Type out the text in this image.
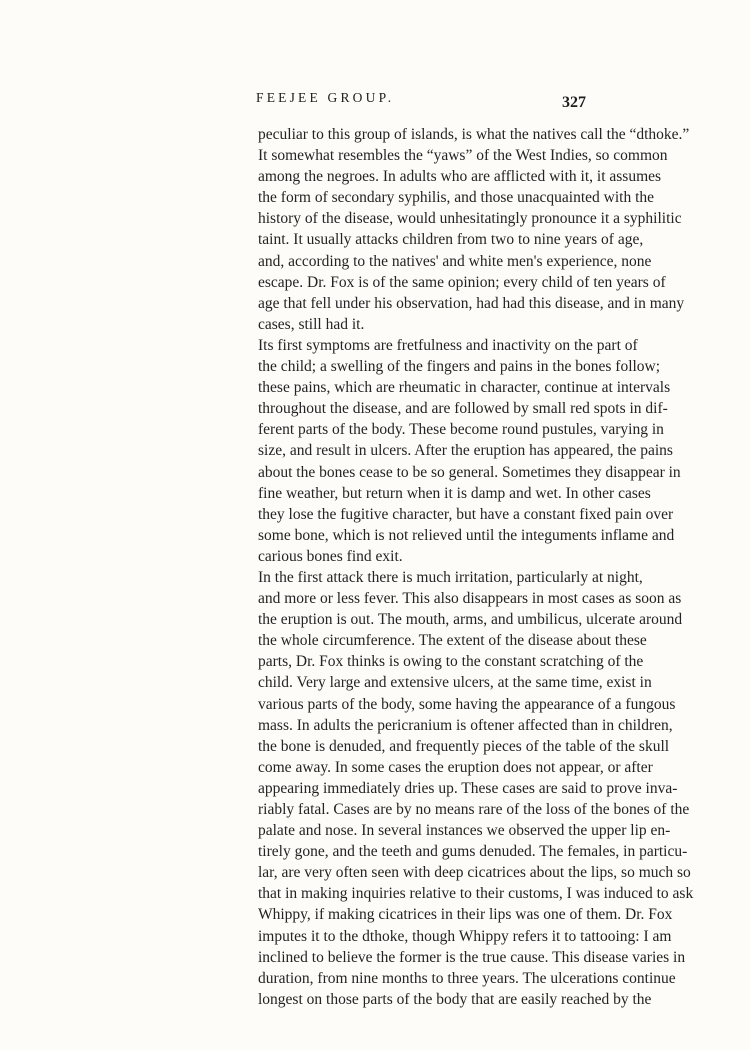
FEEJEE GROUP.	327
peculiar to this group of islands, is what the natives call the “dthoke.”
It somewhat resembles the “yaws” of the West Indies, so common
among the negroes. In adults who are afflicted with it, it assumes
the form of secondary syphilis, and those unacquainted with the
history of the disease, would unhesitatingly pronounce it a syphilitic
taint. It usually attacks children from two to nine years of age,
and, according to the natives' and white men's experience, none
escape. Dr. Fox is of the same opinion; every child of ten years of
age that fell under his observation, had had this disease, and in many
cases, still had it.
Its first symptoms are fretfulness and inactivity on the part of
the child; a swelling of the fingers and pains in the bones follow;
these pains, which are rheumatic in character, continue at intervals
throughout the disease, and are followed by small red spots in dif-
ferent parts of the body. These become round pustules, varying in
size, and result in ulcers. After the eruption has appeared, the pains
about the bones cease to be so general. Sometimes they disappear in
fine weather, but return when it is damp and wet. In other cases
they lose the fugitive character, but have a constant fixed pain over
some bone, which is not relieved until the integuments inflame and
carious bones find exit.
In the first attack there is much irritation, particularly at night,
and more or less fever. This also disappears in most cases as soon as
the eruption is out. The mouth, arms, and umbilicus, ulcerate around
the whole circumference. The extent of the disease about these
parts, Dr. Fox thinks is owing to the constant scratching of the
child. Very large and extensive ulcers, at the same time, exist in
various parts of the body, some having the appearance of a fungous
mass. In adults the pericranium is oftener affected than in children,
the bone is denuded, and frequently pieces of the table of the skull
come away. In some cases the eruption does not appear, or after
appearing immediately dries up. These cases are said to prove inva-
riably fatal. Cases are by no means rare of the loss of the bones of the
palate and nose. In several instances we observed the upper lip en-
tirely gone, and the teeth and gums denuded. The females, in particu-
lar, are very often seen with deep cicatrices about the lips, so much so
that in making inquiries relative to their customs, I was induced to ask
Whippy, if making cicatrices in their lips was one of them. Dr. Fox
imputes it to the dthoke, though Whippy refers it to tattooing: I am
inclined to believe the former is the true cause. This disease varies in
duration, from nine months to three years. The ulcerations continue
longest on those parts of the body that are easily reached by the
